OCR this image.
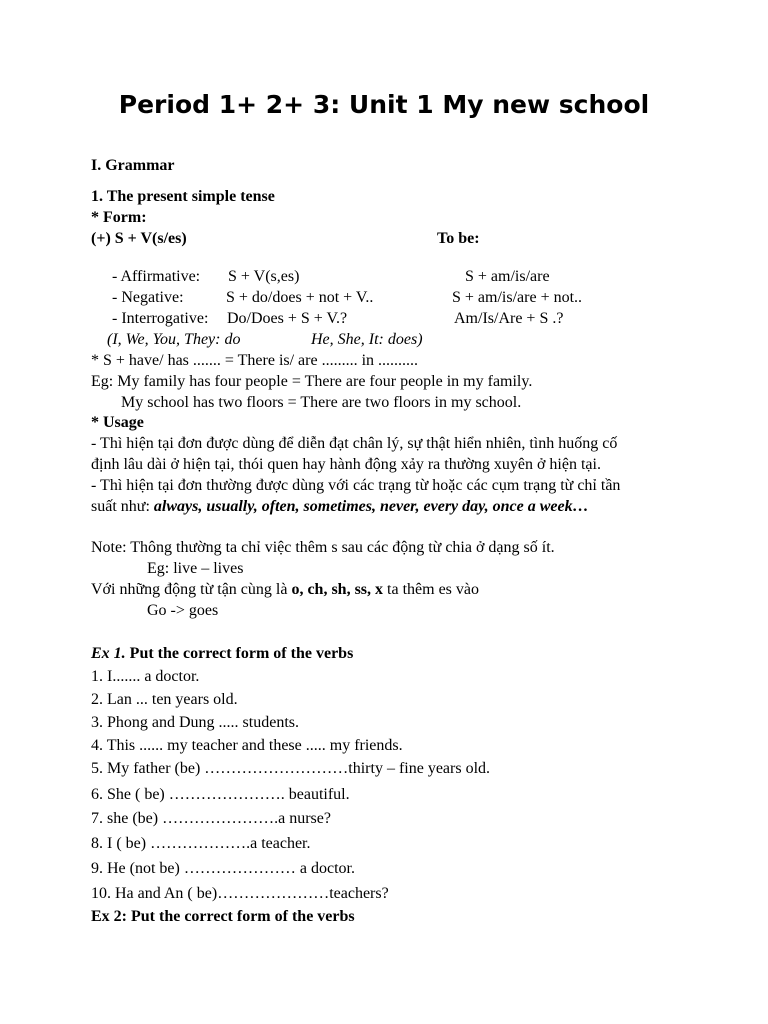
Period 1+ 2+ 3: Unit 1 My new school
I. Grammar
1. The present simple tense
* Form:
(+) S + V(s/es)	To be:
- Affirmative: S + V(s,es)	S + am/is/are
- Negative:	S + do/does + not + V..	S + am/is/are + not..
- Interrogative: Do/Does + S + V.?	Am/Is/Are + S .?
(I, We, You, They: do	He, She, It: does)
* S + have/ has ....... = There is/ are ......... in ..........
Eg: My family has four people = There are four people in my family.
My school has two floors = There are two floors in my school.
* Usage
- Thì hiện tại đơn được dùng để diễn đạt chân lý, sự thật hiển nhiên, tình huống cố
định lâu dài ở hiện tại, thói quen hay hành động xảy ra thường xuyên ở hiện tại.
- Thì hiện tại đơn thường được dùng với các trạng từ hoặc các cụm trạng từ chỉ tần
suất như: always, usually, often, sometimes, never, every day, once a week…
Note: Thông thường ta chỉ việc thêm s sau các động từ chia ở dạng số ít.
Eg: live – lives
Với những động từ tận cùng là o, ch, sh, ss, x ta thêm es vào
Go -> goes
Ex 1. Put the correct form of the verbs
1. I....... a doctor.
2. Lan ... ten years old.
3. Phong and Dung ..... students.
4. This ...... my teacher and these ..... my friends.
5. My father (be) ………………………thirty – fine years old.
6. She ( be) …………………. beautiful.
7. she (be) ………………….a nurse?
8. I ( be) ……………….a teacher.
9. He (not be) ………………… a doctor.
10. Ha and An ( be)…………………teachers?
Ex 2: Put the correct form of the verbs
